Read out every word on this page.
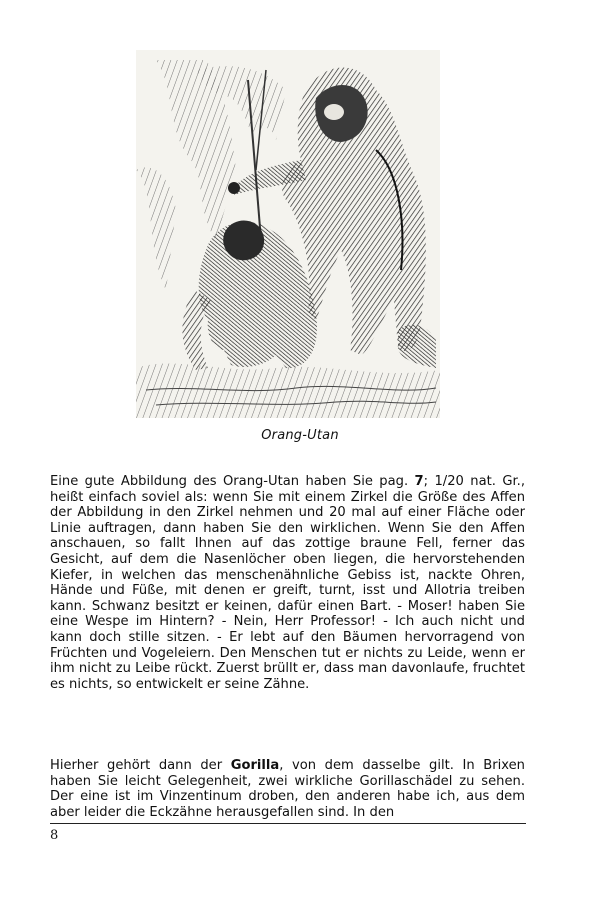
Orang-Utan

Eine gute Abbildung des Orang-Utan haben Sie pag. 7; 1/20 nat. Gr., heißt einfach soviel als: wenn Sie mit einem Zirkel die Größe des Affen der Abbildung in den Zirkel nehmen und 20 mal auf einer Fläche oder Linie auftragen, dann haben Sie den wirklichen. Wenn Sie den Affen anschauen, so fallt Ihnen auf das zottige braune Fell, ferner das Gesicht, auf dem die Nasenlöcher oben liegen, die hervorstehenden Kiefer, in welchen das menschenähnliche Gebiss ist, nackte Ohren, Hände und Füße, mit denen er greift, turnt, isst und Allotria treiben kann. Schwanz besitzt er keinen, dafür einen Bart. - Moser! haben Sie eine Wespe im Hintern? - Nein, Herr Professor! - Ich auch nicht und kann doch stille sitzen. - Er lebt auf den Bäumen hervorragend von Früchten und Vogeleiern. Den Menschen tut er nichts zu Leide, wenn er ihm nicht zu Leibe rückt. Zuerst brüllt er, dass man davonlaufe, fruchtet es nichts, so entwickelt er seine Zähne.

Hierher gehört dann der Gorilla, von dem dasselbe gilt. In Brixen haben Sie leicht Gelegenheit, zwei wirkliche Gorillaschädel zu sehen. Der eine ist im Vinzentinum droben, den anderen habe ich, aus dem aber leider die Eckzähne herausgefallen sind. In den

8
